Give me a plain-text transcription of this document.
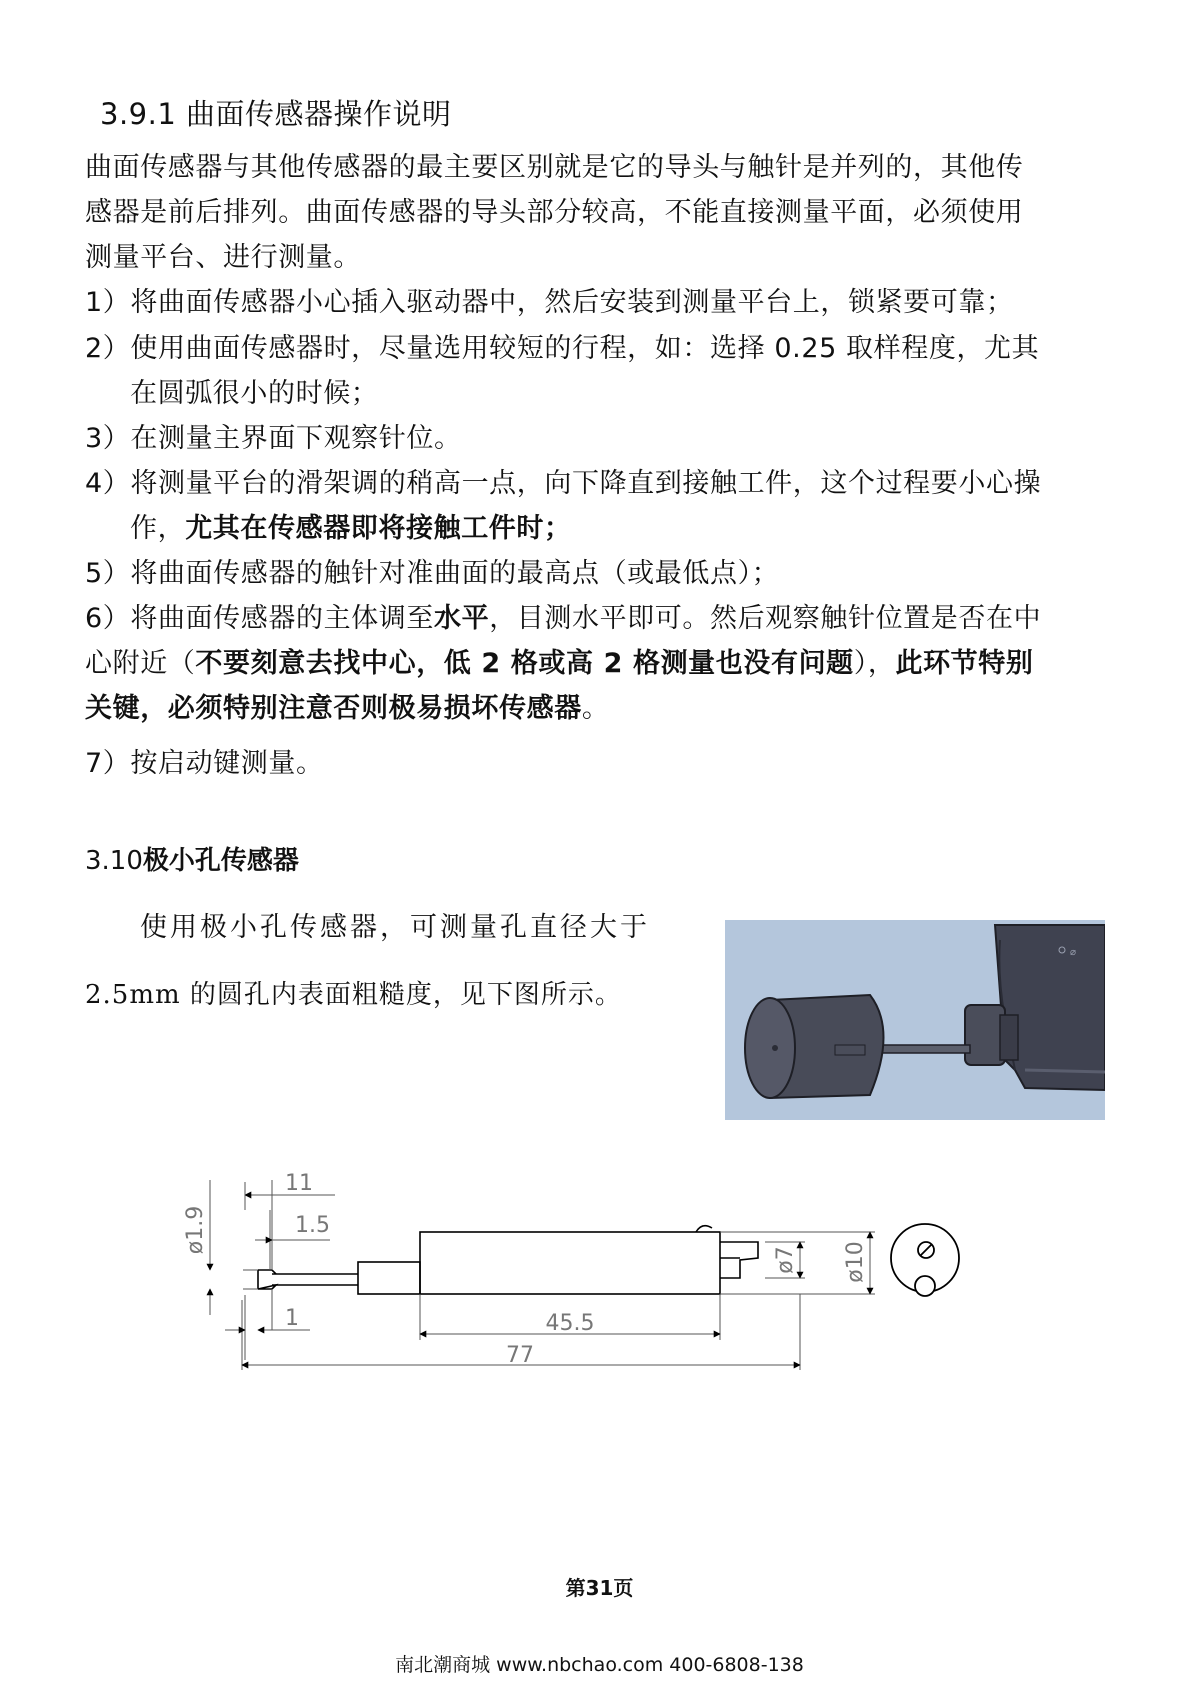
3.9.1 曲面传感器操作说明
曲面传感器与其他传感器的最主要区别就是它的导头与触针是并列的，其他传
感器是前后排列。曲面传感器的导头部分较高，不能直接测量平面，必须使用
测量平台、进行测量。
1）将曲面传感器小心插入驱动器中，然后安装到测量平台上，锁紧要可靠；
2）使用曲面传感器时，尽量选用较短的行程，如：选择 0.25 取样程度，尤其
在圆弧很小的时候；
3）在测量主界面下观察针位。
4）将测量平台的滑架调的稍高一点，向下降直到接触工件，这个过程要小心操
作，尤其在传感器即将接触工件时；
5）将曲面传感器的触针对准曲面的最高点（或最低点）；
6）将曲面传感器的主体调至水平，目测水平即可。然后观察触针位置是否在中
心附近（不要刻意去找中心，低 2 格或高 2 格测量也没有问题），此环节特别
关键，必须特别注意否则极易损坏传感器。
7）按启动键测量。
3.10极小孔传感器
使用极小孔传感器，可测量孔直径大于
2.5mm 的圆孔内表面粗糙度，见下图所示。
⌀
ø1.9
11
1.5
1	45.5
77
ø7 ø10
第31页
南北潮商城 www.nbchao.com 400-6808-138
